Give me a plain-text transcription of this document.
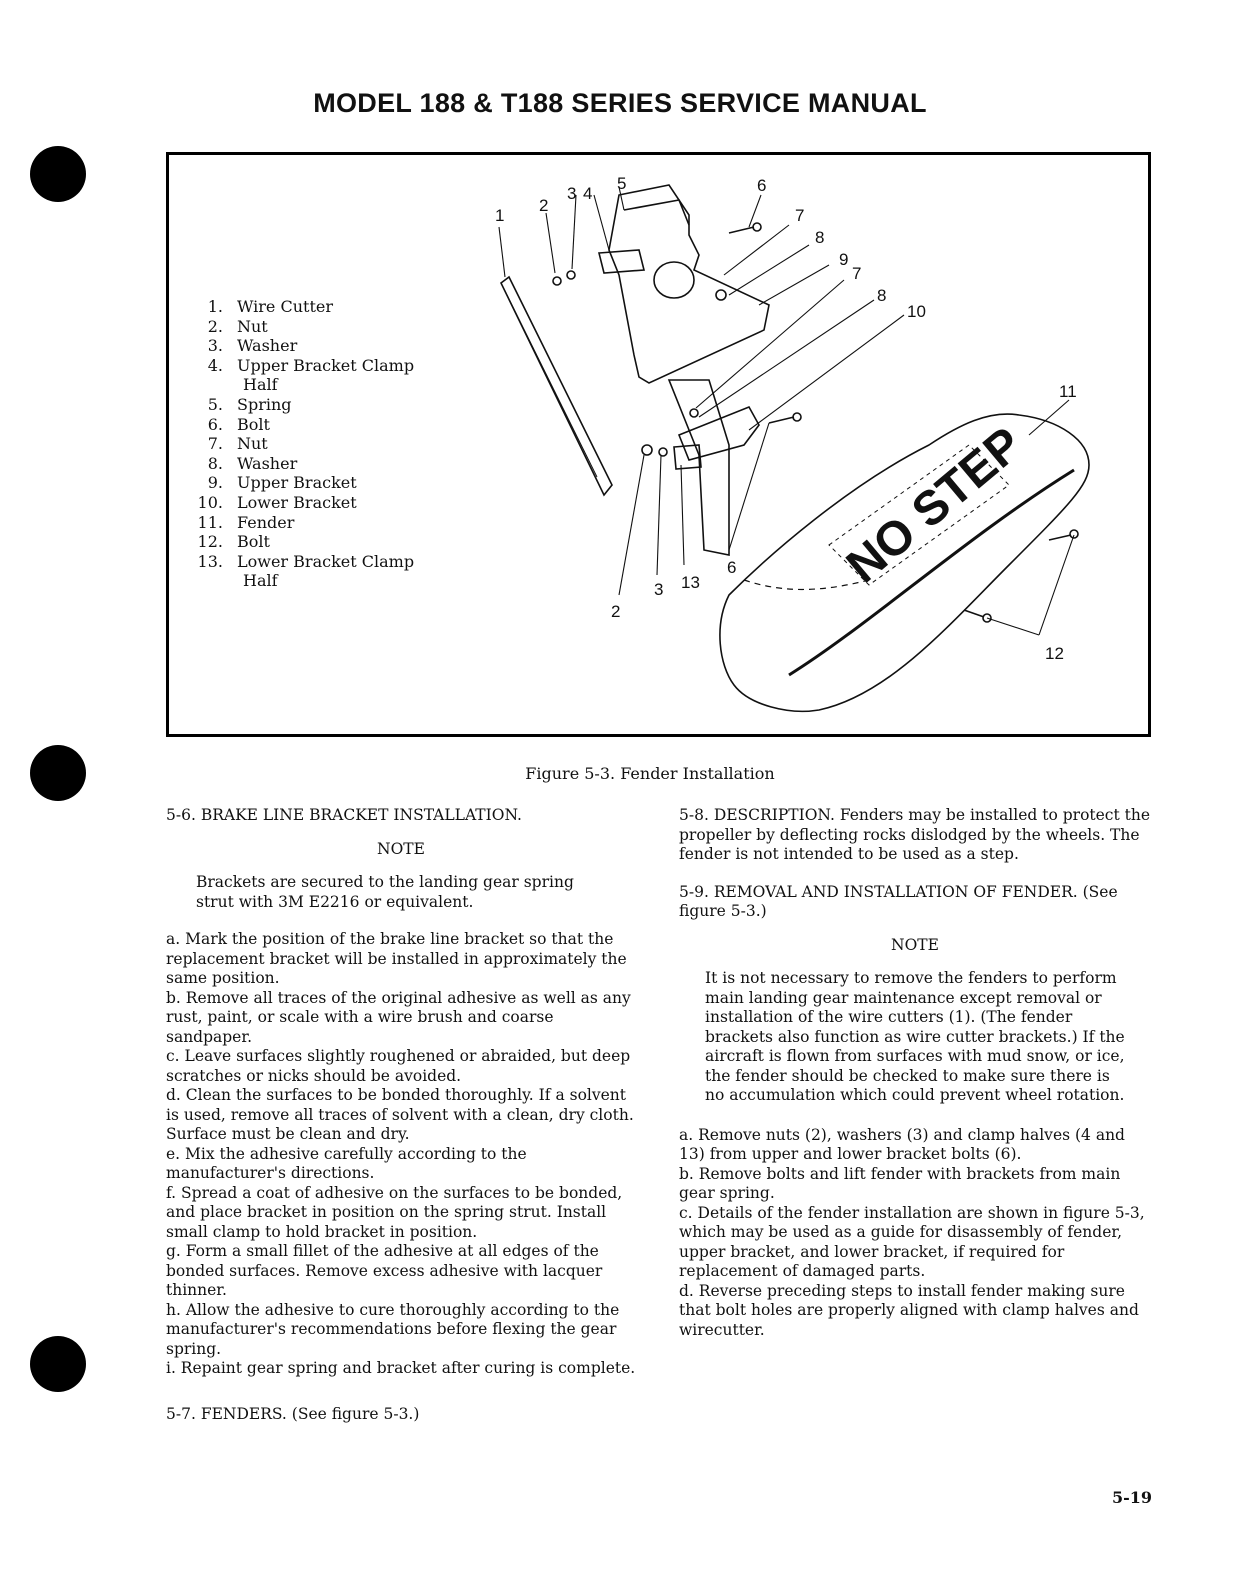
MODEL 188 & T188 SERIES SERVICE MANUAL
NO STEP
1
2
3 4
5	6
7
8
9
7
8
10
11
12
2
3 13
6
1. Wire Cutter
2. Nut
3. Washer
4. Upper Bracket Clamp
Half
5. Spring
6. Bolt
7. Nut
8. Washer
9. Upper Bracket
10. Lower Bracket
11. Fender
12. Bolt
13. Lower Bracket Clamp
Half
Figure 5-3. Fender Installation
5-6. BRAKE LINE BRACKET INSTALLATION.
NOTE
Brackets are secured to the landing gear spring strut with 3M E2216 or equivalent.
a. Mark the position of the brake line bracket so that the replacement bracket will be installed in approximately the same position.
b. Remove all traces of the original adhesive as well as any rust, paint, or scale with a wire brush and coarse sandpaper.
c. Leave surfaces slightly roughened or abraided, but deep scratches or nicks should be avoided.
d. Clean the surfaces to be bonded thoroughly. If a solvent is used, remove all traces of solvent with a clean, dry cloth. Surface must be clean and dry.
e. Mix the adhesive carefully according to the manufacturer's directions.
f. Spread a coat of adhesive on the surfaces to be bonded, and place bracket in position on the spring strut. Install small clamp to hold bracket in position.
g. Form a small fillet of the adhesive at all edges of the bonded surfaces. Remove excess adhesive with lacquer thinner.
h. Allow the adhesive to cure thoroughly according to the manufacturer's recommendations before flexing the gear spring.
i. Repaint gear spring and bracket after curing is complete.
5-7. FENDERS. (See figure 5-3.)
5-8. DESCRIPTION. Fenders may be installed to protect the propeller by deflecting rocks dislodged by the wheels. The fender is not intended to be used as a step.
5-9. REMOVAL AND INSTALLATION OF FENDER. (See figure 5-3.)
NOTE
It is not necessary to remove the fenders to perform main landing gear maintenance except removal or installation of the wire cutters (1). (The fender brackets also function as wire cutter brackets.) If the aircraft is flown from surfaces with mud snow, or ice, the fender should be checked to make sure there is no accumulation which could prevent wheel rotation.
a. Remove nuts (2), washers (3) and clamp halves (4 and 13) from upper and lower bracket bolts (6).
b. Remove bolts and lift fender with brackets from main gear spring.
c. Details of the fender installation are shown in figure 5-3, which may be used as a guide for disassembly of fender, upper bracket, and lower bracket, if required for replacement of damaged parts.
d. Reverse preceding steps to install fender making sure that bolt holes are properly aligned with clamp halves and wirecutter.
5-19
